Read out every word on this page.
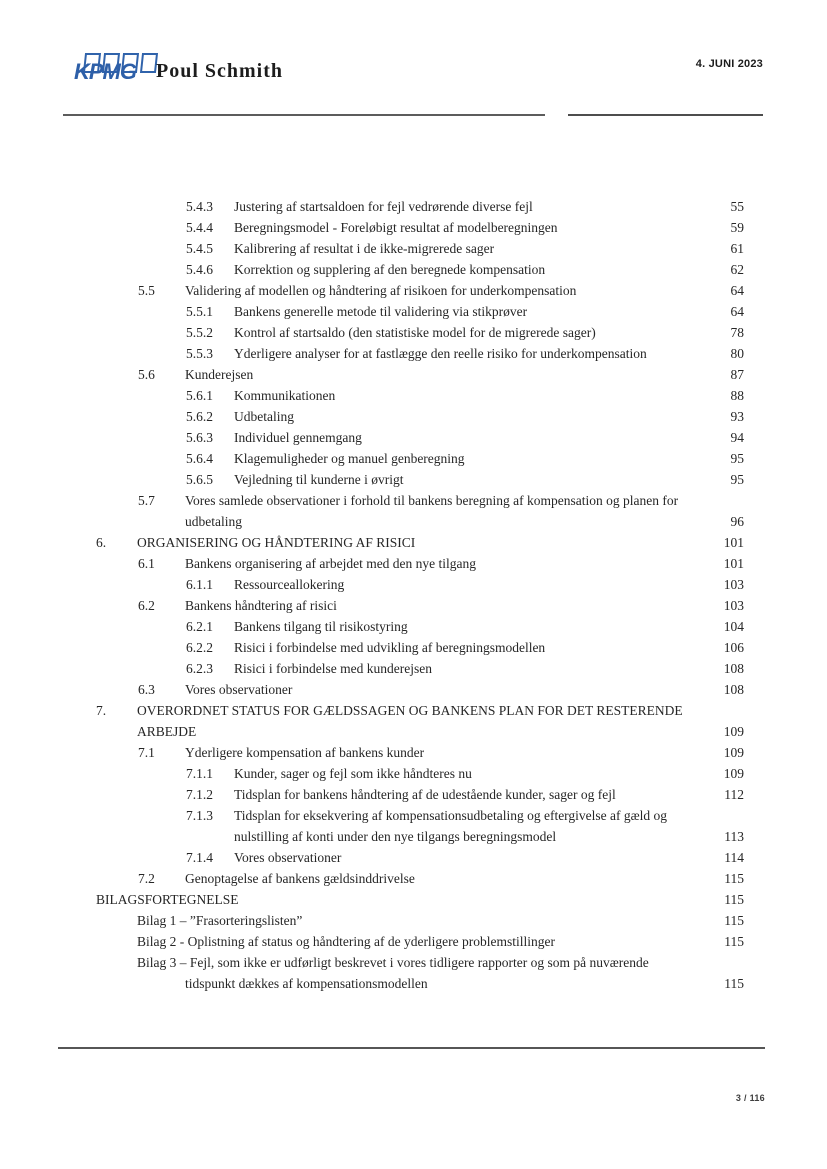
KPMG Poul Schmith	4. JUNI 2023
5.4.3	Justering af startsaldoen for fejl vedrørende diverse fejl	55
5.4.4	Beregningsmodel - Foreløbigt resultat af modelberegningen	59
5.4.5	Kalibrering af resultat i de ikke-migrerede sager	61
5.4.6	Korrektion og supplering af den beregnede kompensation	62
5.5	Validering af modellen og håndtering af risikoen for underkompensation	64
5.5.1	Bankens generelle metode til validering via stikprøver	64
5.5.2	Kontrol af startsaldo (den statistiske model for de migrerede sager)	78
5.5.3	Yderligere analyser for at fastlægge den reelle risiko for underkompensation	80
5.6	Kunderejsen	87
5.6.1	Kommunikationen	88
5.6.2	Udbetaling	93
5.6.3	Individuel gennemgang	94
5.6.4	Klagemuligheder og manuel genberegning	95
5.6.5	Vejledning til kunderne i øvrigt	95
5.7	Vores samlede observationer i forhold til bankens beregning af kompensation og planen for
udbetaling	96
6.	ORGANISERING OG HÅNDTERING AF RISICI	101
6.1	Bankens organisering af arbejdet med den nye tilgang	101
6.1.1	Ressourceallokering	103
6.2	Bankens håndtering af risici	103
6.2.1	Bankens tilgang til risikostyring	104
6.2.2	Risici i forbindelse med udvikling af beregningsmodellen	106
6.2.3	Risici i forbindelse med kunderejsen	108
6.3	Vores observationer	108
7.	OVERORDNET STATUS FOR GÆLDSSAGEN OG BANKENS PLAN FOR DET RESTERENDE
ARBEJDE	109
7.1	Yderligere kompensation af bankens kunder	109
7.1.1	Kunder, sager og fejl som ikke håndteres nu	109
7.1.2	Tidsplan for bankens håndtering af de udestående kunder, sager og fejl	112
7.1.3	Tidsplan for eksekvering af kompensationsudbetaling og eftergivelse af gæld og
nulstilling af konti under den nye tilgangs beregningsmodel	113
7.1.4	Vores observationer	114
7.2	Genoptagelse af bankens gældsinddrivelse	115
BILAGSFORTEGNELSE	115
Bilag 1 – ”Frasorteringslisten”	115
Bilag 2 - Oplistning af status og håndtering af de yderligere problemstillinger	115
Bilag 3 – Fejl, som ikke er udførligt beskrevet i vores tidligere rapporter og som på nuværende
tidspunkt dækkes af kompensationsmodellen	115
3 / 116
